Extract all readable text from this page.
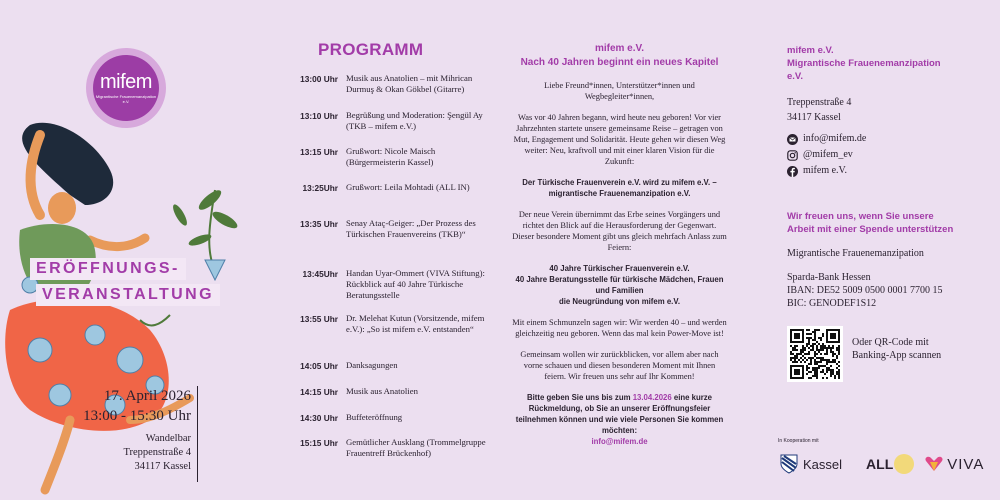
mifem
Migrantische Frauenemanzipation e.V.
ERÖFFNUNGS-
VERANSTALTUNG
17. April 2026
13:00 - 15:30 Uhr
Wandelbar
Treppenstraße 4
34117 Kassel
PROGRAMM
13:00 Uhr Musik aus Anatolien – mit Mihrican Durmuş & Okan Gökbel (Gitarre)
13:10 Uhr Begrüßung und Moderation: Şengül Ay (TKB – mifem e.V.)
13:15 Uhr Grußwort: Nicole Maisch (Bürgermeisterin Kassel)
13:25Uhr Grußwort: Leila Mohtadi (ALL IN)
13:35 Uhr Senay Ataç-Geiger: „Der Prozess des Türkischen Frauenvereins (TKB)“
13:45Uhr Handan Uyar-Ommert (VIVA Stiftung): Rückblick auf 40 Jahre Türkische Beratungsstelle
13:55 Uhr Dr. Melehat Kutun (Vorsitzende, mifem e.V.): „So ist mifem e.V. entstanden“
14:05 Uhr Danksagungen
14:15 Uhr Musik aus Anatolien
14:30 Uhr Buffeteröffnung
15:15 Uhr Gemütlicher Ausklang (Trommelgruppe Frauentreff Brückenhof)
mifem e.V.
Nach 40 Jahren beginnt ein neues Kapitel

Liebe Freund*innen, Unterstützer*innen und Wegbegleiter*innen,

Was vor 40 Jahren begann, wird heute neu geboren! Vor vier Jahrzehnten startete unsere gemeinsame Reise – getragen von Mut, Engagement und Solidarität. Heute gehen wir diesen Weg weiter: Neu, kraftvoll und mit einer klaren Vision für die Zukunft:

Der Türkische Frauenverein e.V. wird zu mifem e.V. – migrantische Frauenemanzipation e.V.

Der neue Verein übernimmt das Erbe seines Vorgängers und richtet den Blick auf die Herausforderung der Gegenwart. Dieser besondere Moment gibt uns gleich mehrfach Anlass zum Feiern:

40 Jahre Türkischer Frauenverein e.V.
40 Jahre Beratungsstelle für türkische Mädchen, Frauen und Familien
die Neugründung von mifem e.V.

Mit einem Schmunzeln sagen wir: Wir werden 40 – und werden gleichzeitig neu geboren. Wenn das mal kein Power-Move ist!

Gemeinsam wollen wir zurückblicken, vor allem aber nach vorne schauen und diesen besonderen Moment mit Ihnen feiern. Wir freuen uns sehr auf Ihr Kommen!

Bitte geben Sie uns bis zum 13.04.2026 eine kurze Rückmeldung, ob Sie an unserer Eröffnungsfeier teilnehmen können und wie viele Personen Sie kommen möchten:
info@mifem.de

mifem e.V.
Migrantische Frauenemanzipation
e.V.
Treppenstraße 4
34117 Kassel
info@mifem.de
@mifem_ev
mifem e.V.
Wir freuen uns, wenn Sie unsere Arbeit mit einer Spende unterstützen
Migrantische Frauenemanzipation
Sparda-Bank Hessen
IBAN: DE52 5009 0500 0001 7700 15
BIC: GENODEF1S12
Oder QR-Code mit Banking-App scannen
In Kooperation mit
Kassel ALL	VIVA
